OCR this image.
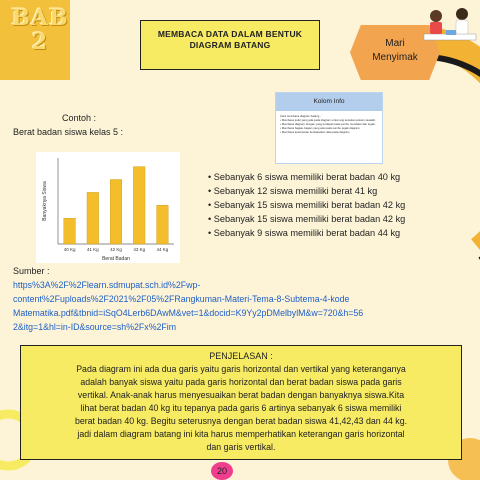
BAB
2	MEMBACA DATA DALAM BENTUK
DIAGRAM BATANG	Mari
Menyimak
Kolom Info
Cara membaca diagram batang :
• Membaca judul yang ada pada diagram untuk ang tentukan pokok masalah.
• Membaca diagram dengan yang terdapat pada sumbu mendatar dan tegak.
• Membaca bagian-bagian yang ada pada sumbu tegak diagram.
• Membaca kesimpulan berdasarkan data pada diagram.
Contoh :
Berat badan siswa kelas 5 :
40 Kg	41 Kg	42 Kg	43 Kg	44 Kg
Berat Badan
Banyaknya Siswa
• Sebanyak 6 siswa memiliki berat badan 40 kg
• Sebanyak 12 siswa memiliki berat 41 kg
• Sebanyak 15 siswa memiliki berat badan 42 kg
• Sebanyak 15 siswa memiliki berat badan 42 kg
• Sebanyak 9 siswa memiliki berat badan 44 kg
Sumber :
https%3A%2F%2Flearn.sdmupat.sch.id%2Fwp-
content%2Fuploads%2F2021%2F05%2FRangkuman-Materi-Tema-8-Subtema-4-kode
Matematika.pdf&tbnid=iSqO4Lerb6DAwM&vet=1&docid=K9Yy2pDMelbylM&w=720&h=56
2&itg=1&hl=in-ID&source=sh%2Fx%2Fim
PENJELASAN :
Pada diagram ini ada dua garis yaitu garis horizontal dan vertikal yang keteranganya
adalah banyak siswa yaitu pada garis horizontal dan berat badan siswa pada garis
vertikal. Anak-anak harus menyesuaikan berat badan dengan banyaknya siswa.Kita
lihat berat badan 40 kg itu tepanya pada garis 6 artinya sebanyak 6 siswa memiliki
berat badan 40 kg. Begitu seterusnya dengan berat badan siswa 41,42,43 dan 44 kg.
jadi dalam diagram batang ini kita harus memperhatikan keterangan garis horizontal
dan garis vertikal.
20
